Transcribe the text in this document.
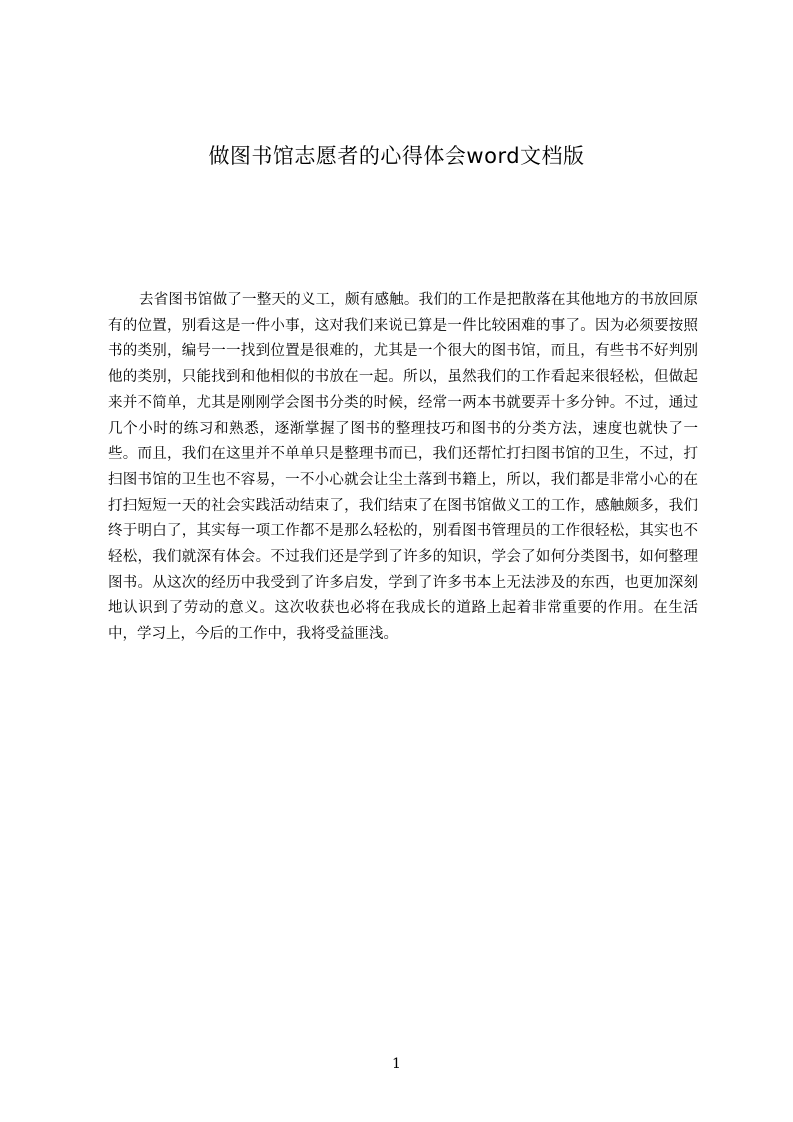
做图书馆志愿者的心得体会word文档版

去省图书馆做了一整天的义工，颇有感触。我们的工作是把散落在其他地方的书放回原有的位置，别看这是一件小事，这对我们来说已算是一件比较困难的事了。因为必须要按照书的类别，编号一一找到位置是很难的，尤其是一个很大的图书馆，而且，有些书不好判别他的类别，只能找到和他相似的书放在一起。所以，虽然我们的工作看起来很轻松，但做起来并不简单，尤其是刚刚学会图书分类的时候，经常一两本书就要弄十多分钟。不过，通过几个小时的练习和熟悉，逐渐掌握了图书的整理技巧和图书的分类方法，速度也就快了一些。而且，我们在这里并不单单只是整理书而已，我们还帮忙打扫图书馆的卫生，不过，打扫图书馆的卫生也不容易，一不小心就会让尘土落到书籍上，所以，我们都是非常小心的在打扫短短一天的社会实践活动结束了，我们结束了在图书馆做义工的工作，感触颇多，我们终于明白了，其实每一项工作都不是那么轻松的，别看图书管理员的工作很轻松，其实也不轻松，我们就深有体会。不过我们还是学到了许多的知识，学会了如何分类图书，如何整理图书。从这次的经历中我受到了许多启发，学到了许多书本上无法涉及的东西，也更加深刻地认识到了劳动的意义。这次收获也必将在我成长的道路上起着非常重要的作用。在生活中，学习上，今后的工作中，我将受益匪浅。

1
